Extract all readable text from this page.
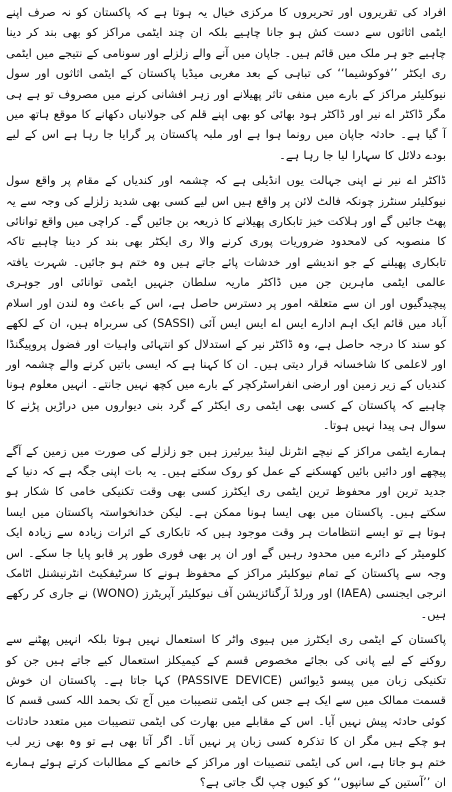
افراد کی تقریروں اور تحریروں کا مرکزی خیال یہ ہوتا ہے کہ پاکستان کو نہ صرف اپنے ایٹمی اثاثوں سے دست کش ہو جانا چاہیے بلکہ ان چند ایٹمی مراکز کو بھی بند کر دینا چاہیے جو ہر ملک میں قائم ہیں۔ جاپان میں آنے والے زلزلے اور سونامی کے نتیجے میں ایٹمی ری ایکٹر ’’فوکوشیما‘‘ کی تباہی کے بعد مغربی میڈیا پاکستان کے ایٹمی اثاثوں اور سول نیوکلیئر مراکز کے بارے میں منفی تاثر پھیلانے اور زہر افشانی کرنے میں مصروف تو ہے ہی مگر ڈاکٹر اے نیر اور ڈاکٹر ہود بھائی کو بھی اپنے قلم کی جولانیاں دکھانے کا موقع ہاتھ میں آ گیا ہے۔ حادثہ جاپان میں رونما ہوا ہے اور ملبہ پاکستان پر گرایا جا رہا ہے اس کے لیے بودے دلائل کا سہارا لیا جا رہا ہے۔

ڈاکٹر اے نیر نے اپنی جہالت یوں انڈیلی ہے کہ چشمہ اور کندیاں کے مقام پر واقع سول نیوکلیئر سنٹرز چونکہ فالٹ لائن پر واقع ہیں اس لیے کسی بھی شدید زلزلے کی وجہ سے یہ پھٹ جائیں گے اور ہلاکت خیز تابکاری پھیلانے کا ذریعہ بن جائیں گے۔ کراچی میں واقع توانائی کا منصوبہ کی لامحدود ضروریات پوری کرنے والا ری ایکٹر بھی بند کر دینا چاہیے تاکہ تابکاری پھیلنے کے جو اندیشے اور خدشات پائے جاتے ہیں وہ ختم ہو جائیں۔ شہرت یافتہ عالمی ایٹمی ماہرین جن میں ڈاکٹر ماریہ سلطان جنہیں ایٹمی توانائی اور جوہری پیچیدگیوں اور ان سے متعلقہ امور پر دسترس حاصل ہے، اس کے باعث وہ لندن اور اسلام آباد میں قائم ایک اہم ادارے ایس اے ایس ایس آئی (SASSI) کی سربراہ ہیں، ان کے لکھے کو سند کا درجہ حاصل ہے، وہ ڈاکٹر نیر کے استدلال کو انتہائی واہیات اور فضول پروپیگنڈا اور لاعلمی کا شاخسانہ قرار دیتی ہیں۔ ان کا کہنا ہے کہ ایسی باتیں کرنے والے چشمہ اور کندیاں کے زیر زمین اور ارضی انفراسٹرکچر کے بارے میں کچھ نہیں جانتے۔ انہیں معلوم ہونا چاہیے کہ پاکستان کے کسی بھی ایٹمی ری ایکٹر کے گرد بنی دیواروں میں دراڑیں پڑنے کا سوال ہی پیدا نہیں ہوتا۔

ہمارے ایٹمی مراکز کے نیچے انٹرنل لینڈ بیرئیرز ہیں جو زلزلے کی صورت میں زمین کے آگے پیچھے اور دائیں بائیں کھسکنے کے عمل کو روک سکتے ہیں۔ یہ بات اپنی جگہ ہے کہ دنیا کے جدید ترین اور محفوظ ترین ایٹمی ری ایکٹرز کسی بھی وقت تکنیکی خامی کا شکار ہو سکتے ہیں۔ پاکستان میں بھی ایسا ہونا ممکن ہے۔ لیکن خدانخواستہ پاکستان میں ایسا ہوتا ہے تو ایسے انتظامات ہر وقت موجود ہیں کہ تابکاری کے اثرات زیادہ سے زیادہ ایک کلومیٹر کے دائرے میں محدود رہیں گے اور ان پر بھی فوری طور پر قابو پایا جا سکے۔ اس وجہ سے پاکستان کے تمام نیوکلیئر مراکز کے محفوظ ہونے کا سرٹیفکیٹ انٹرنیشنل اٹامک انرجی ایجنسی (IAEA) اور ورلڈ آرگنائزیشن آف نیوکلیئر آپریٹرز (WONO) نے جاری کر رکھے ہیں۔

پاکستان کے ایٹمی ری ایکٹرز میں ہیوی واٹر کا استعمال نہیں ہوتا بلکہ انہیں پھٹنے سے روکنے کے لیے پانی کی بجائے مخصوص قسم کے کیمیکلز استعمال کیے جاتے ہیں جن کو تکنیکی زبان میں پیسو ڈیوائس (PASSIVE DEVICE) کہا جاتا ہے۔ پاکستان ان خوش قسمت ممالک میں سے ایک ہے جس کی ایٹمی تنصیبات میں آج تک بحمد اللہ کسی قسم کا کوئی حادثہ پیش نہیں آیا۔ اس کے مقابلے میں بھارت کی ایٹمی تنصیبات میں متعدد حادثات ہو چکے ہیں مگر ان کا تذکرہ کسی زبان پر نہیں آتا۔ اگر آتا بھی ہے تو وہ بھی زیر لب ختم ہو جاتا ہے، اس کی ایٹمی تنصیبات اور مراکز کے خاتمے کے مطالبات کرتے ہوئے ہمارے ان ’’آستین کے سانپوں‘‘ کو کیوں چپ لگ جاتی ہے؟
